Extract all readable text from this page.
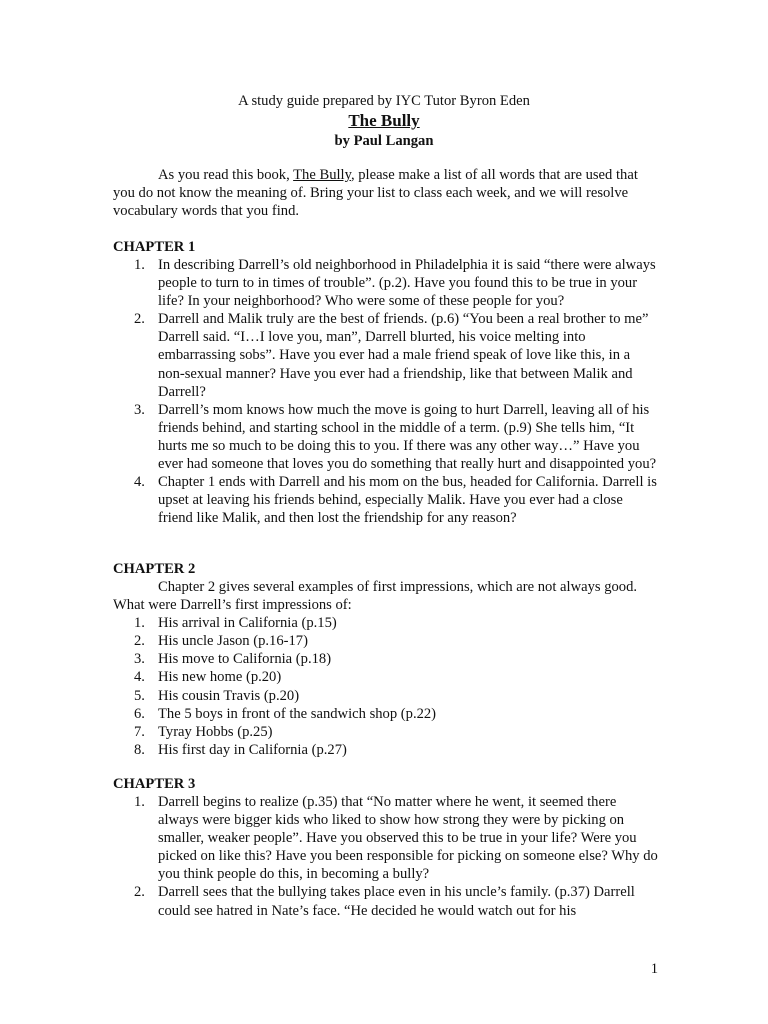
A study guide prepared by IYC Tutor Byron Eden
The Bully
by Paul Langan

As you read this book, The Bully, please make a list of all words that are used that you do not know the meaning of. Bring your list to class each week, and we will resolve vocabulary words that you find.

CHAPTER 1
1. In describing Darrell’s old neighborhood in Philadelphia it is said “there were always people to turn to in times of trouble”. (p.2). Have you found this to be true in your life? In your neighborhood? Who were some of these people for you?
2. Darrell and Malik truly are the best of friends. (p.6) “You been a real brother to me” Darrell said. “I…I love you, man”, Darrell blurted, his voice melting into embarrassing sobs”. Have you ever had a male friend speak of love like this, in a non-sexual manner? Have you ever had a friendship, like that between Malik and Darrell?
3. Darrell’s mom knows how much the move is going to hurt Darrell, leaving all of his friends behind, and starting school in the middle of a term. (p.9) She tells him, “It hurts me so much to be doing this to you. If there was any other way…” Have you ever had someone that loves you do something that really hurt and disappointed you?
4. Chapter 1 ends with Darrell and his mom on the bus, headed for California. Darrell is upset at leaving his friends behind, especially Malik. Have you ever had a close friend like Malik, and then lost the friendship for any reason?
CHAPTER 2

Chapter 2 gives several examples of first impressions, which are not always good. What were Darrell’s first impressions of:

1. His arrival in California (p.15)
2. His uncle Jason (p.16-17)
3. His move to California (p.18)
4. His new home (p.20)
5. His cousin Travis (p.20)
6. The 5 boys in front of the sandwich shop (p.22)
7. Tyray Hobbs (p.25)
8. His first day in California (p.27)
CHAPTER 3
1. Darrell begins to realize (p.35) that “No matter where he went, it seemed there always were bigger kids who liked to show how strong they were by picking on smaller, weaker people”. Have you observed this to be true in your life? Were you picked on like this? Have you been responsible for picking on someone else? Why do you think people do this, in becoming a bully?
2. Darrell sees that the bullying takes place even in his uncle’s family. (p.37) Darrell could see hatred in Nate’s face. “He decided he would watch out for his
1
